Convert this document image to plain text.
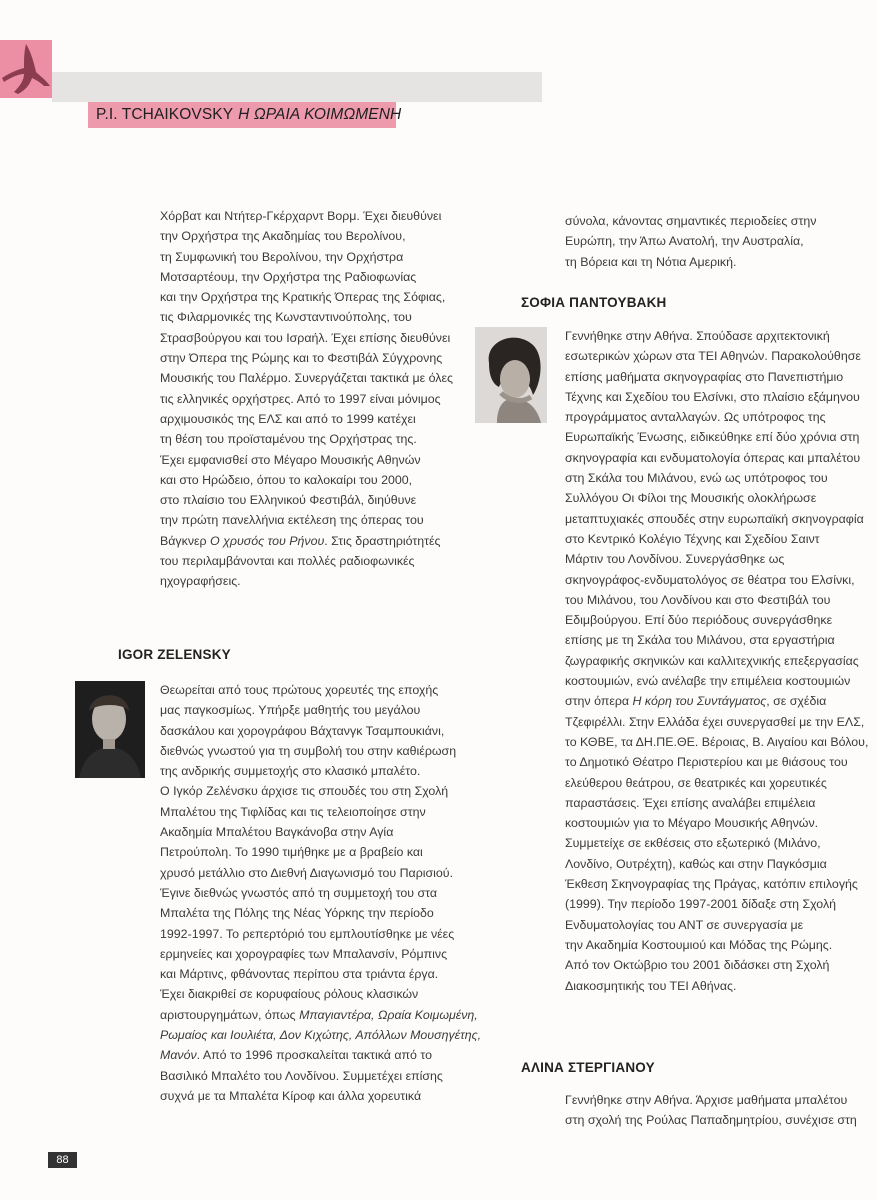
P.I. TCHAIKOVSKY Η ΩΡΑΙΑ ΚΟΙΜΩΜΕΝΗ

Χόρβατ και Ντήτερ-Γκέρχαρντ Βορμ. Έχει διευθύνει
την Ορχήστρα της Ακαδημίας του Βερολίνου,
τη Συμφωνική του Βερολίνου, την Ορχήστρα
Μοτσαρτέουμ, την Ορχήστρα της Ραδιοφωνίας
και την Ορχήστρα της Κρατικής Όπερας της Σόφιας,
τις Φιλαρμονικές της Κωνσταντινούπολης, του
Στρασβούργου και του Ισραήλ. Έχει επίσης διευθύνει
στην Όπερα της Ρώμης και το Φεστιβάλ Σύγχρονης
Μουσικής του Παλέρμο. Συνεργάζεται τακτικά με όλες
τις ελληνικές ορχήστρες. Από το 1997 είναι μόνιμος
αρχιμουσικός της ΕΛΣ και από το 1999 κατέχει
τη θέση του προϊσταμένου της Ορχήστρας της.
Έχει εμφανισθεί στο Μέγαρο Μουσικής Αθηνών
και στο Ηρώδειο, όπου το καλοκαίρι του 2000,
στο πλαίσιο του Ελληνικού Φεστιβάλ, διηύθυνε
την πρώτη πανελλήνια εκτέλεση της όπερας του
Βάγκνερ Ο χρυσός του Ρήνου. Στις δραστηριότητές
του περιλαμβάνονται και πολλές ραδιοφωνικές
ηχογραφήσεις.

IGOR ZELENSKY

Θεωρείται από τους πρώτους χορευτές της εποχής
μας παγκοσμίως. Υπήρξε μαθητής του μεγάλου
δασκάλου και χορογράφου Βάχτανγκ Τσαμπουκιάνι,
διεθνώς γνωστού για τη συμβολή του στην καθιέρωση
της ανδρικής συμμετοχής στο κλασικό μπαλέτο.
Ο Ιγκόρ Ζελένσκυ άρχισε τις σπουδές του στη Σχολή
Μπαλέτου της Τιφλίδας και τις τελειοποίησε στην
Ακαδημία Μπαλέτου Βαγκάνοβα στην Αγία
Πετρούπολη. Το 1990 τιμήθηκε με α βραβείο και
χρυσό μετάλλιο στο Διεθνή Διαγωνισμό του Παρισιού.
Έγινε διεθνώς γνωστός από τη συμμετοχή του στα
Μπαλέτα της Πόλης της Νέας Υόρκης την περίοδο
1992-1997. Το ρεπερτόριό του εμπλουτίσθηκε με νέες
ερμηνείες και χορογραφίες των Μπαλανσίν, Ρόμπινς
και Μάρτινς, φθάνοντας περίπου στα τριάντα έργα.
Έχει διακριθεί σε κορυφαίους ρόλους κλασικών
αριστουργημάτων, όπως Μπαγιαντέρα, Ωραία Κοιμωμένη,
Ρωμαίος και Ιουλιέτα, Δον Κιχώτης, Απόλλων Μουσηγέτης,
Μανόν. Από το 1996 προσκαλείται τακτικά από το
Βασιλικό Μπαλέτο του Λονδίνου. Συμμετέχει επίσης
συχνά με τα Μπαλέτα Κίροφ και άλλα χορευτικά

σύνολα, κάνοντας σημαντικές περιοδείες στην
Ευρώπη, την Άπω Ανατολή, την Αυστραλία,
τη Βόρεια και τη Νότια Αμερική.

ΣΟΦΙΑ ΠΑΝΤΟΥΒΑΚΗ

Γεννήθηκε στην Αθήνα. Σπούδασε αρχιτεκτονική
εσωτερικών χώρων στα ΤΕΙ Αθηνών. Παρακολούθησε
επίσης μαθήματα σκηνογραφίας στο Πανεπιστήμιο
Τέχνης και Σχεδίου του Ελσίνκι, στο πλαίσιο εξάμηνου
προγράμματος ανταλλαγών. Ως υπότροφος της
Ευρωπαϊκής Ένωσης, ειδικεύθηκε επί δύο χρόνια στη
σκηνογραφία και ενδυματολογία όπερας και μπαλέτου
στη Σκάλα του Μιλάνου, ενώ ως υπότροφος του
Συλλόγου Οι Φίλοι της Μουσικής ολοκλήρωσε
μεταπτυχιακές σπουδές στην ευρωπαϊκή σκηνογραφία
στο Κεντρικό Κολέγιο Τέχνης και Σχεδίου Σαιντ
Μάρτιν του Λονδίνου. Συνεργάσθηκε ως
σκηνογράφος-ενδυματολόγος σε θέατρα του Ελσίνκι,
του Μιλάνου, του Λονδίνου και στο Φεστιβάλ του
Εδιμβούργου. Επί δύο περιόδους συνεργάσθηκε
επίσης με τη Σκάλα του Μιλάνου, στα εργαστήρια
ζωγραφικής σκηνικών και καλλιτεχνικής επεξεργασίας
κοστουμιών, ενώ ανέλαβε την επιμέλεια κοστουμιών
στην όπερα Η κόρη του Συντάγματος, σε σχέδια
Τζεφιρέλλι. Στην Ελλάδα έχει συνεργασθεί με την ΕΛΣ,
το ΚΘΒΕ, τα ΔΗ.ΠΕ.ΘΕ. Βέροιας, Β. Αιγαίου και Βόλου,
το Δημοτικό Θέατρο Περιστερίου και με θιάσους του
ελεύθερου θεάτρου, σε θεατρικές και χορευτικές
παραστάσεις. Έχει επίσης αναλάβει επιμέλεια
κοστουμιών για το Μέγαρο Μουσικής Αθηνών.
Συμμετείχε σε εκθέσεις στο εξωτερικό (Μιλάνο,
Λονδίνο, Ουτρέχτη), καθώς και στην Παγκόσμια
Έκθεση Σκηνογραφίας της Πράγας, κατόπιν επιλογής
(1999). Την περίοδο 1997-2001 δίδαξε στη Σχολή
Ενδυματολογίας του ΑΝΤ σε συνεργασία με
την Ακαδημία Κοστουμιού και Μόδας της Ρώμης.
Από τον Οκτώβριο του 2001 διδάσκει στη Σχολή
Διακοσμητικής του ΤΕΙ Αθήνας.

ΑΛΙΝΑ ΣΤΕΡΓΙΑΝΟΥ

Γεννήθηκε στην Αθήνα. Άρχισε μαθήματα μπαλέτου
στη σχολή της Ρούλας Παπαδημητρίου, συνέχισε στη

88
